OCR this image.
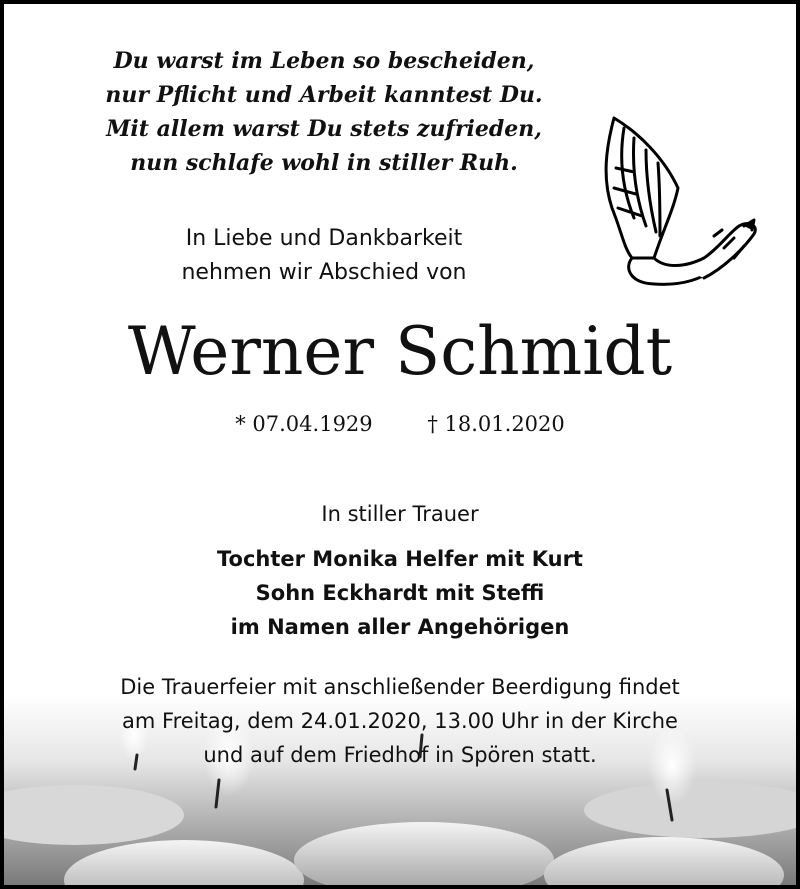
Du warst im Leben so bescheiden,
nur Pflicht und Arbeit kanntest Du.
Mit allem warst Du stets zufrieden,
nun schlafe wohl in stiller Ruh.
In Liebe und Dankbarkeit
nehmen wir Abschied von
Werner Schmidt
* 07.04.1929	† 18.01.2020
In stiller Trauer
Tochter Monika Helfer mit Kurt
Sohn Eckhardt mit Steffi
im Namen aller Angehörigen
Die Trauerfeier mit anschließender Beerdigung findet
am Freitag, dem 24.01.2020, 13.00 Uhr in der Kirche
und auf dem Friedhof in Spören statt.
